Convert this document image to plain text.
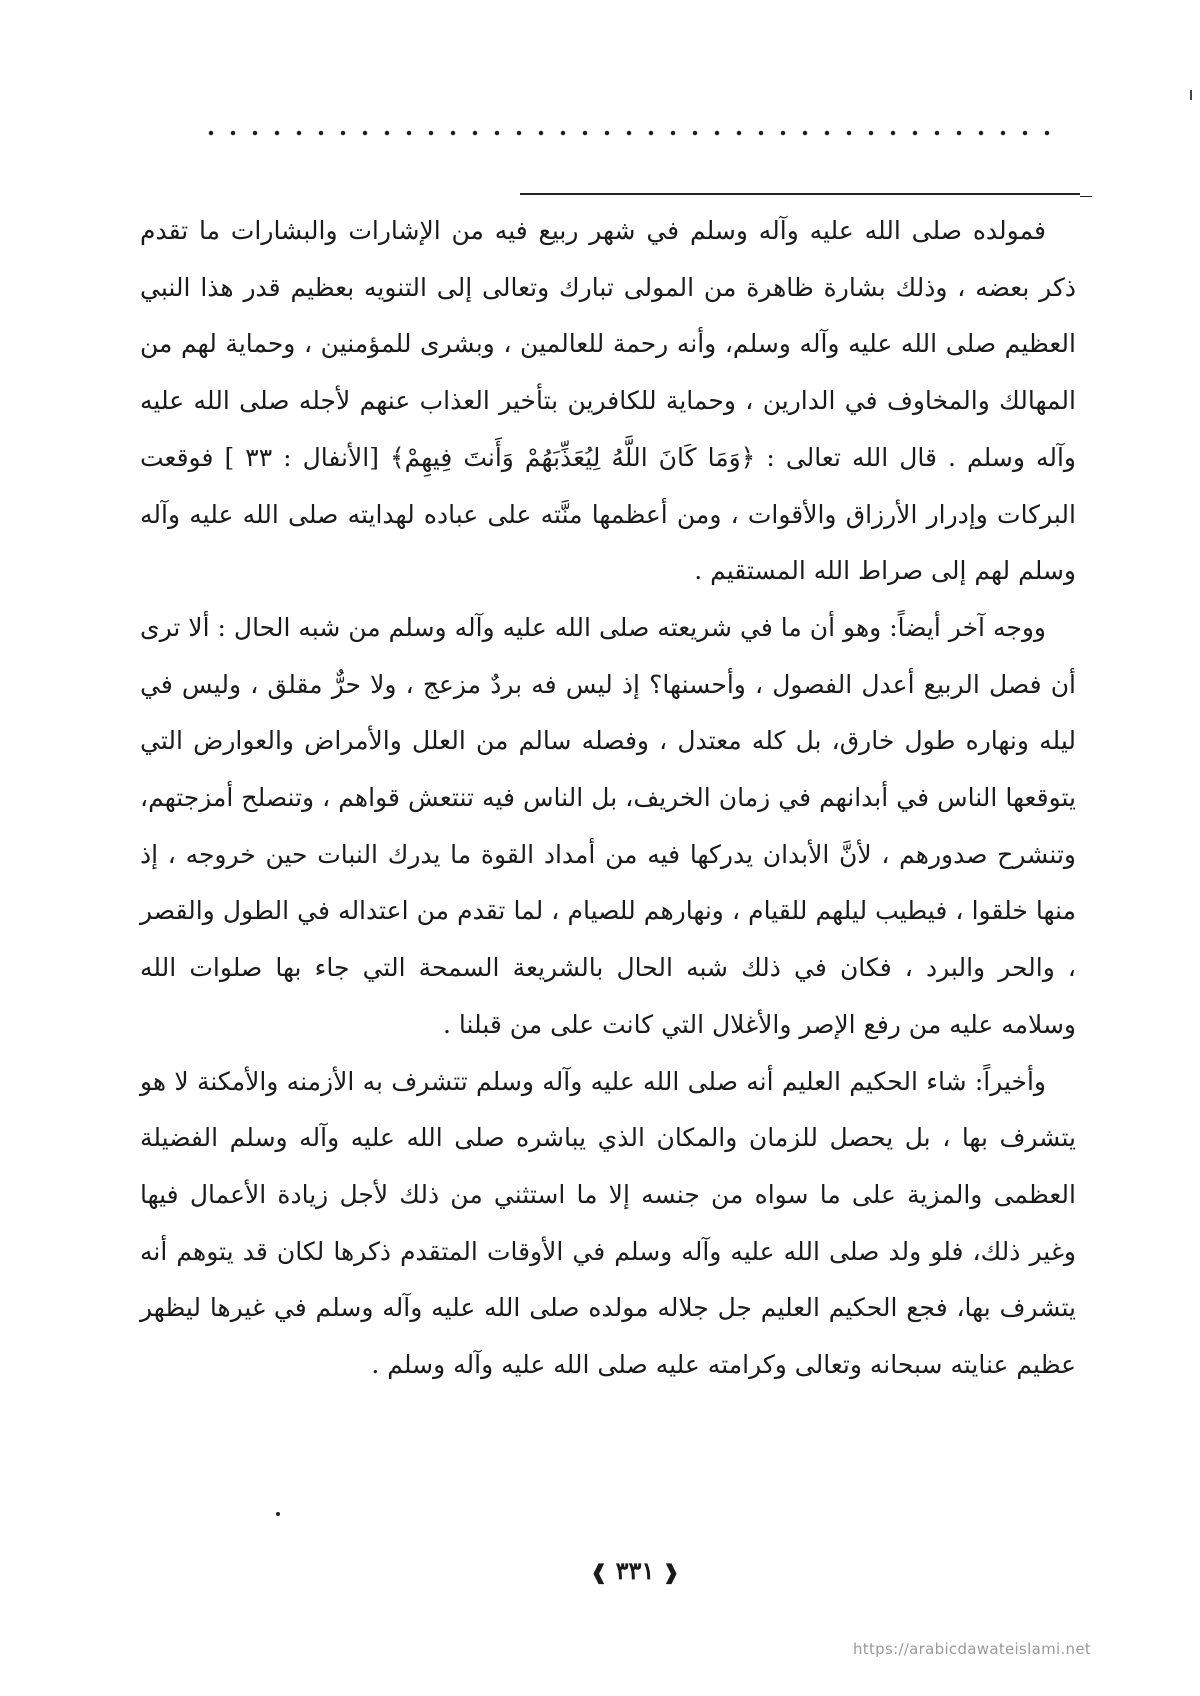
فمولده صلى الله عليه وآله وسلم في شهر ربيع فيه من الإشارات والبشارات ما تقدم ذكر بعضه ، وذلك بشارة ظاهرة من المولى تبارك وتعالى إلى التنويه بعظيم قدر هذا النبي العظيم صلى الله عليه وآله وسلم، وأنه رحمة للعالمين ، وبشرى للمؤمنين ، وحماية لهم من المهالك والمخاوف في الدارين ، وحماية للكافرين بتأخير العذاب عنهم لأجله صلى الله عليه وآله وسلم . قال الله تعالى : ﴿وَمَا كَانَ اللَّهُ لِيُعَذِّبَهُمْ وَأَنتَ فِيهِمْ﴾ [الأنفال : ٣٣ ] فوقعت البركات وإدرار الأرزاق والأقوات ، ومن أعظمها منَّته على عباده لهدايته صلى الله عليه وآله وسلم لهم إلى صراط الله المستقيم .

ووجه آخر أيضاً: وهو أن ما في شريعته صلى الله عليه وآله وسلم من شبه الحال : ألا ترى أن فصل الربيع أعدل الفصول ، وأحسنها؟ إذ ليس فه بردٌ مزعج ، ولا حرٌّ مقلق ، وليس في ليله ونهاره طول خارق، بل كله معتدل ، وفصله سالم من العلل والأمراض والعوارض التي يتوقعها الناس في أبدانهم في زمان الخريف، بل الناس فيه تنتعش قواهم ، وتنصلح أمزجتهم، وتنشرح صدورهم ، لأنَّ الأبدان يدركها فيه من أمداد القوة ما يدرك النبات حين خروجه ، إذ منها خلقوا ، فيطيب ليلهم للقيام ، ونهارهم للصيام ، لما تقدم من اعتداله في الطول والقصر ، والحر والبرد ، فكان في ذلك شبه الحال بالشريعة السمحة التي جاء بها صلوات الله وسلامه عليه من رفع الإصر والأغلال التي كانت على من قبلنا .

وأخيراً: شاء الحكيم العليم أنه صلى الله عليه وآله وسلم تتشرف به الأزمنه والأمكنة لا هو يتشرف بها ، بل يحصل للزمان والمكان الذي يباشره صلى الله عليه وآله وسلم الفضيلة العظمى والمزية على ما سواه من جنسه إلا ما استثني من ذلك لأجل زيادة الأعمال فيها وغير ذلك، فلو ولد صلى الله عليه وآله وسلم في الأوقات المتقدم ذكرها لكان قد يتوهم أنه يتشرف بها، فجع الحكيم العليم جل جلاله مولده صلى الله عليه وآله وسلم في غيرها ليظهر عظيم عنايته سبحانه وتعالى وكرامته عليه صلى الله عليه وآله وسلم .

❰ ٣٣١ ❱
https://arabicdawateislami.net
